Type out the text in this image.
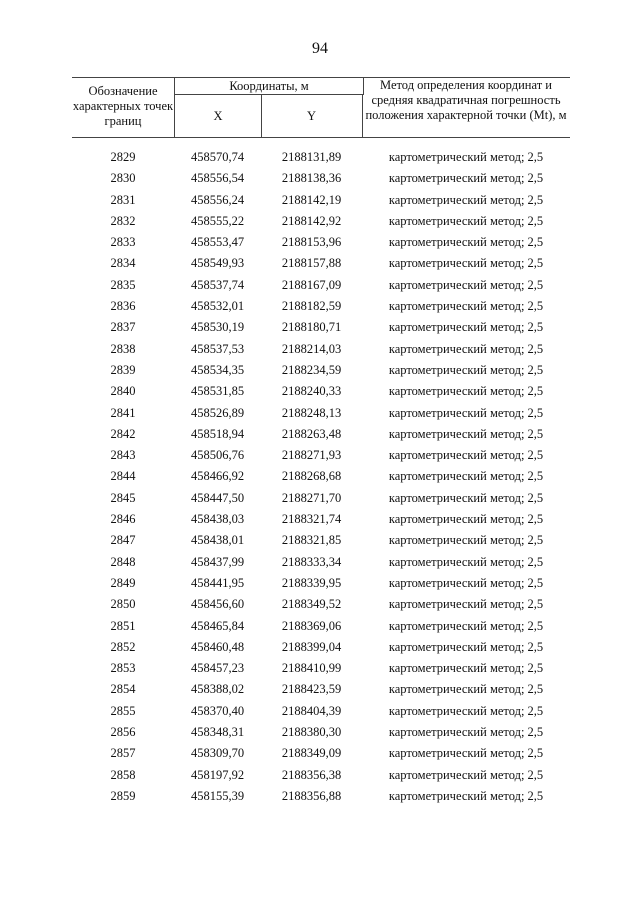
94
Обозначение характерных точек границ
Координаты, м
X	Y
Метод определения координат и средняя квадратичная погрешность положения характерной точки (Mt), м
2829	458570,74	2188131,89	картометрический метод; 2,5
2830	458556,54	2188138,36	картометрический метод; 2,5
2831	458556,24	2188142,19	картометрический метод; 2,5
2832	458555,22	2188142,92	картометрический метод; 2,5
2833	458553,47	2188153,96	картометрический метод; 2,5
2834	458549,93	2188157,88	картометрический метод; 2,5
2835	458537,74	2188167,09	картометрический метод; 2,5
2836	458532,01	2188182,59	картометрический метод; 2,5
2837	458530,19	2188180,71	картометрический метод; 2,5
2838	458537,53	2188214,03	картометрический метод; 2,5
2839	458534,35	2188234,59	картометрический метод; 2,5
2840	458531,85	2188240,33	картометрический метод; 2,5
2841	458526,89	2188248,13	картометрический метод; 2,5
2842	458518,94	2188263,48	картометрический метод; 2,5
2843	458506,76	2188271,93	картометрический метод; 2,5
2844	458466,92	2188268,68	картометрический метод; 2,5
2845	458447,50	2188271,70	картометрический метод; 2,5
2846	458438,03	2188321,74	картометрический метод; 2,5
2847	458438,01	2188321,85	картометрический метод; 2,5
2848	458437,99	2188333,34	картометрический метод; 2,5
2849	458441,95	2188339,95	картометрический метод; 2,5
2850	458456,60	2188349,52	картометрический метод; 2,5
2851	458465,84	2188369,06	картометрический метод; 2,5
2852	458460,48	2188399,04	картометрический метод; 2,5
2853	458457,23	2188410,99	картометрический метод; 2,5
2854	458388,02	2188423,59	картометрический метод; 2,5
2855	458370,40	2188404,39	картометрический метод; 2,5
2856	458348,31	2188380,30	картометрический метод; 2,5
2857	458309,70	2188349,09	картометрический метод; 2,5
2858	458197,92	2188356,38	картометрический метод; 2,5
2859	458155,39	2188356,88	картометрический метод; 2,5
